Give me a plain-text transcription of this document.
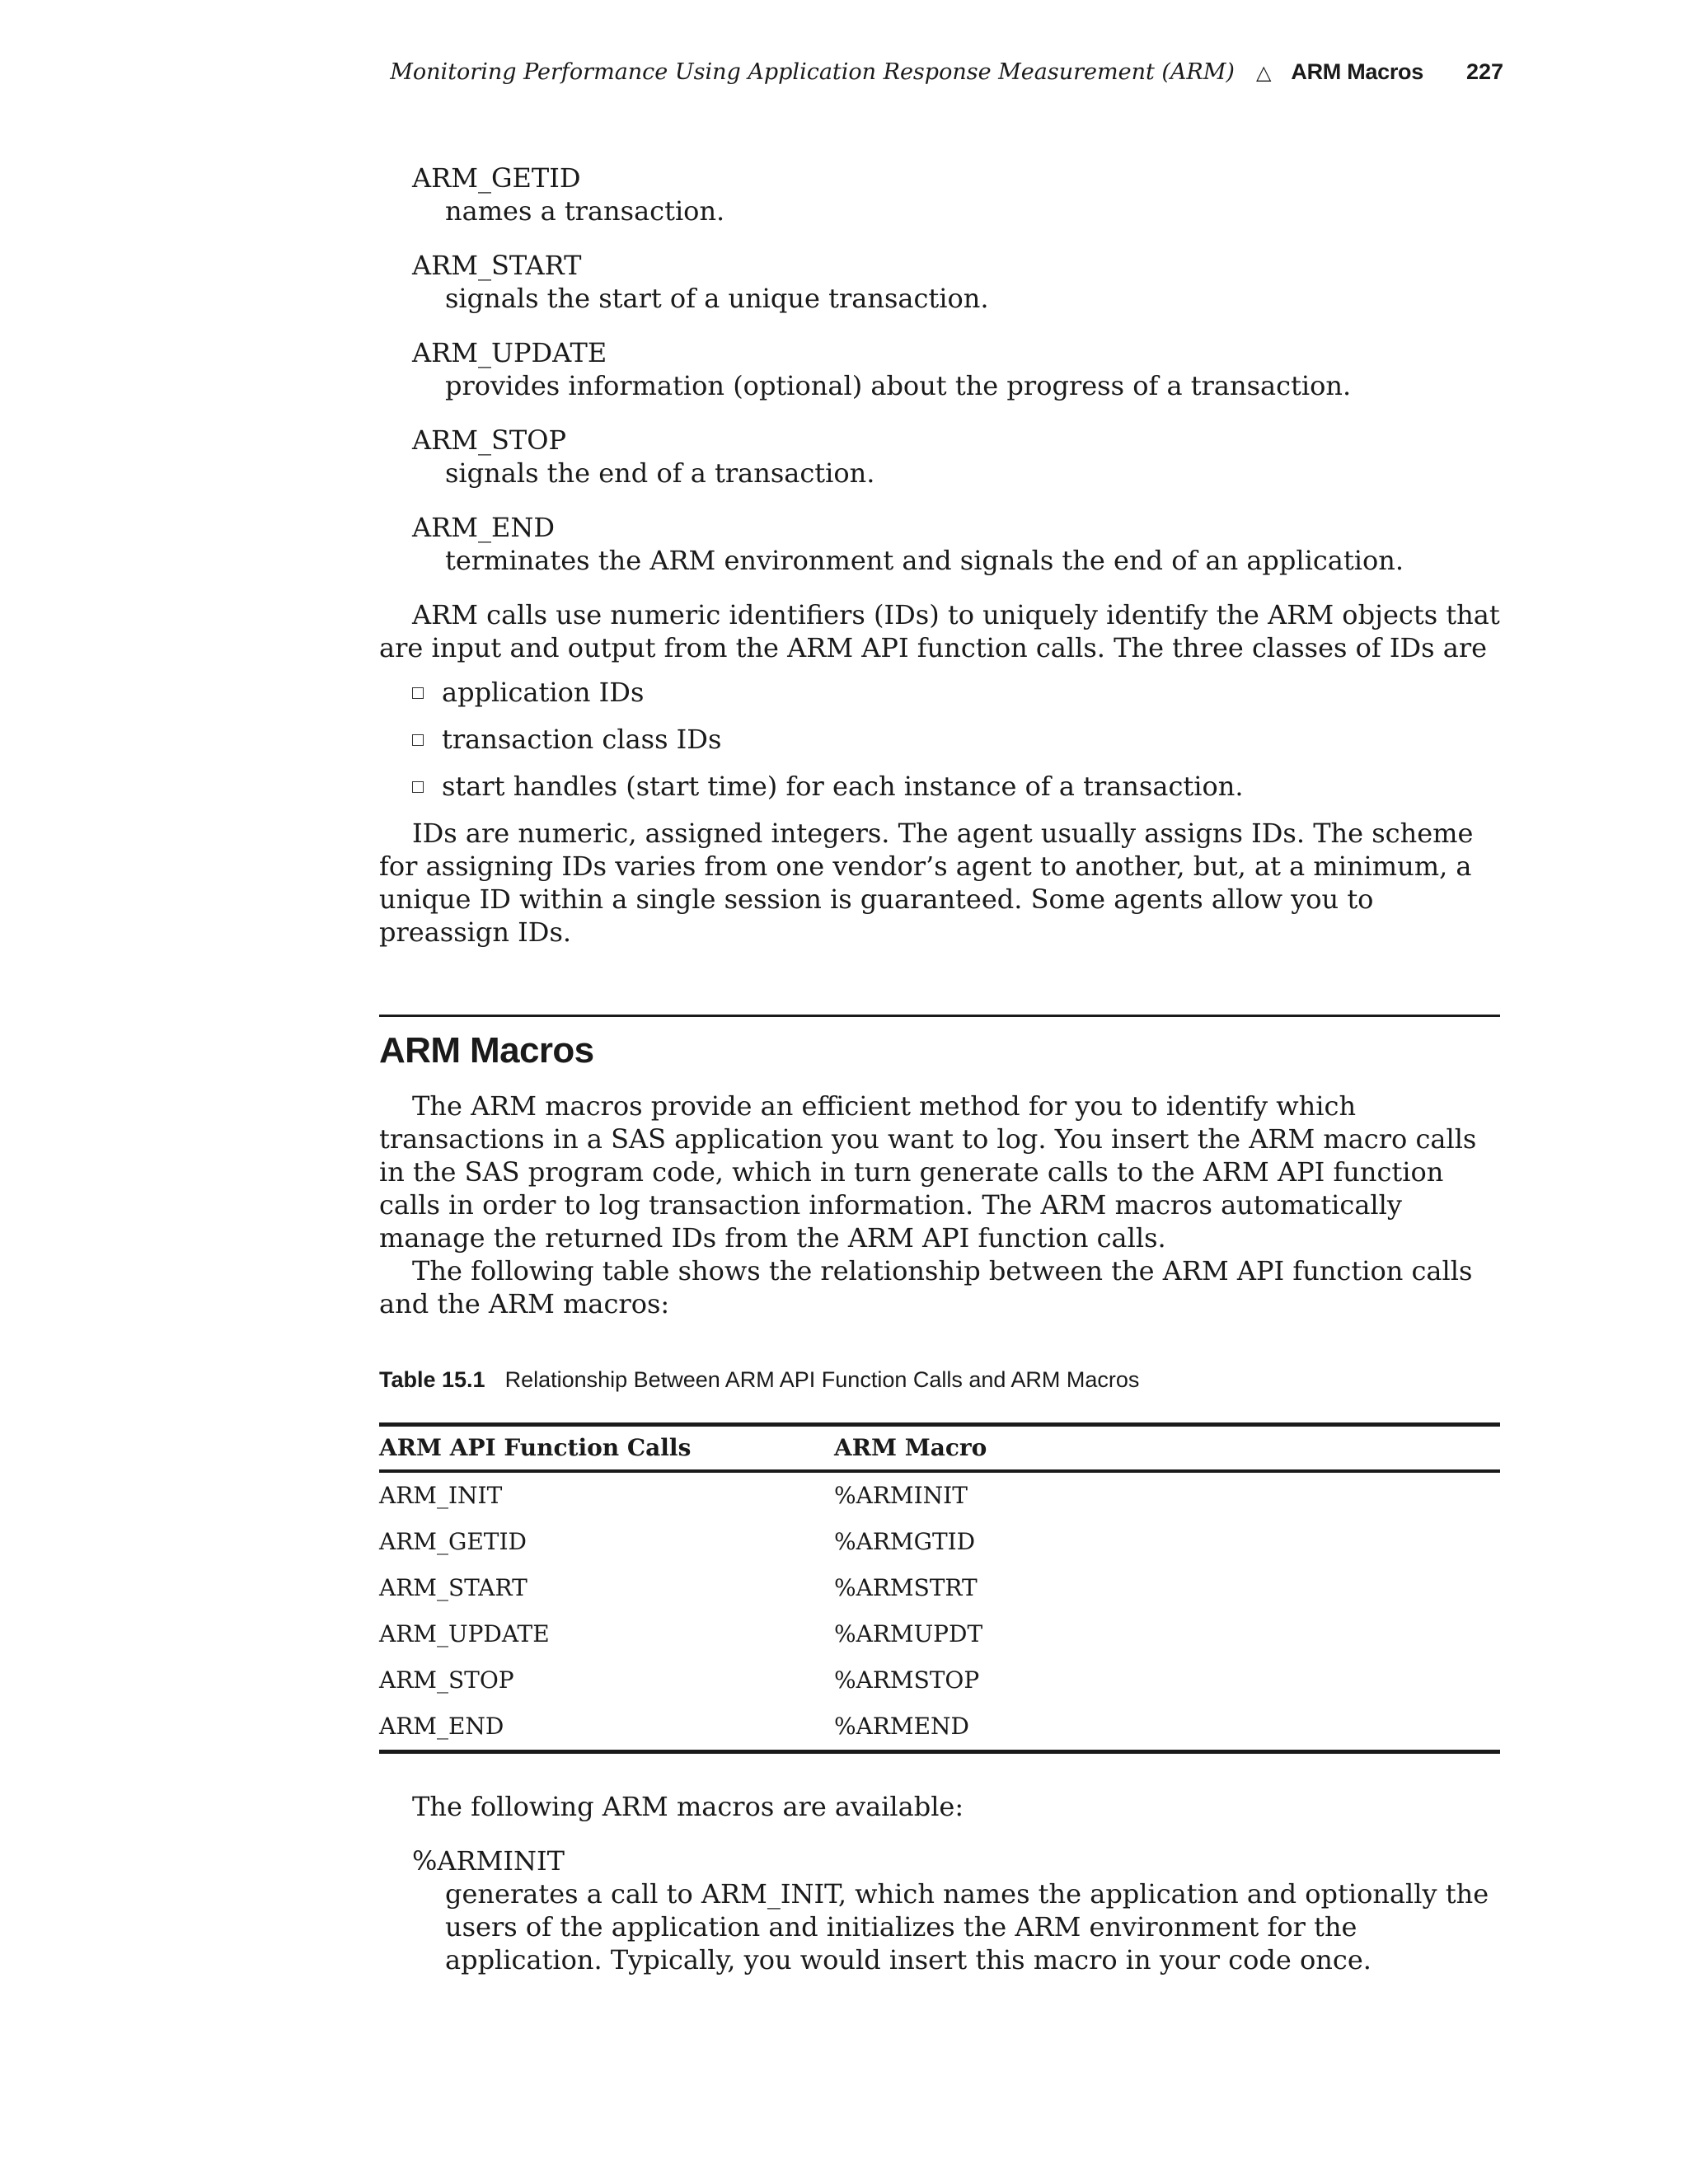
Monitoring Performance Using Application Response Measurement (ARM) △ ARM Macros 227
ARM_GETID
names a transaction.
ARM_START
signals the start of a unique transaction.
ARM_UPDATE
provides information (optional) about the progress of a transaction.
ARM_STOP
signals the end of a transaction.
ARM_END
terminates the ARM environment and signals the end of an application.

ARM calls use numeric identifiers (IDs) to uniquely identify the ARM objects that are input and output from the ARM API function calls. The three classes of IDs are

application IDs
transaction class IDs
start handles (start time) for each instance of a transaction.

IDs are numeric, assigned integers. The agent usually assigns IDs. The scheme for assigning IDs varies from one vendor’s agent to another, but, at a minimum, a unique ID within a single session is guaranteed. Some agents allow you to preassign IDs.

ARM Macros

The ARM macros provide an efficient method for you to identify which transactions in a SAS application you want to log. You insert the ARM macro calls in the SAS program code, which in turn generate calls to the ARM API function calls in order to log transaction information. The ARM macros automatically manage the returned IDs from the ARM API function calls.

The following table shows the relationship between the ARM API function calls and the ARM macros:

Table 15.1 Relationship Between ARM API Function Calls and ARM Macros
ARM API Function Calls	ARM Macro
ARM_INIT	%ARMINIT
ARM_GETID	%ARMGTID
ARM_START	%ARMSTRT
ARM_UPDATE	%ARMUPDT
ARM_STOP	%ARMSTOP
ARM_END	%ARMEND

The following ARM macros are available:

%ARMINIT
generates a call to ARM_INIT, which names the application and optionally the users of the application and initializes the ARM environment for the application. Typically, you would insert this macro in your code once.
